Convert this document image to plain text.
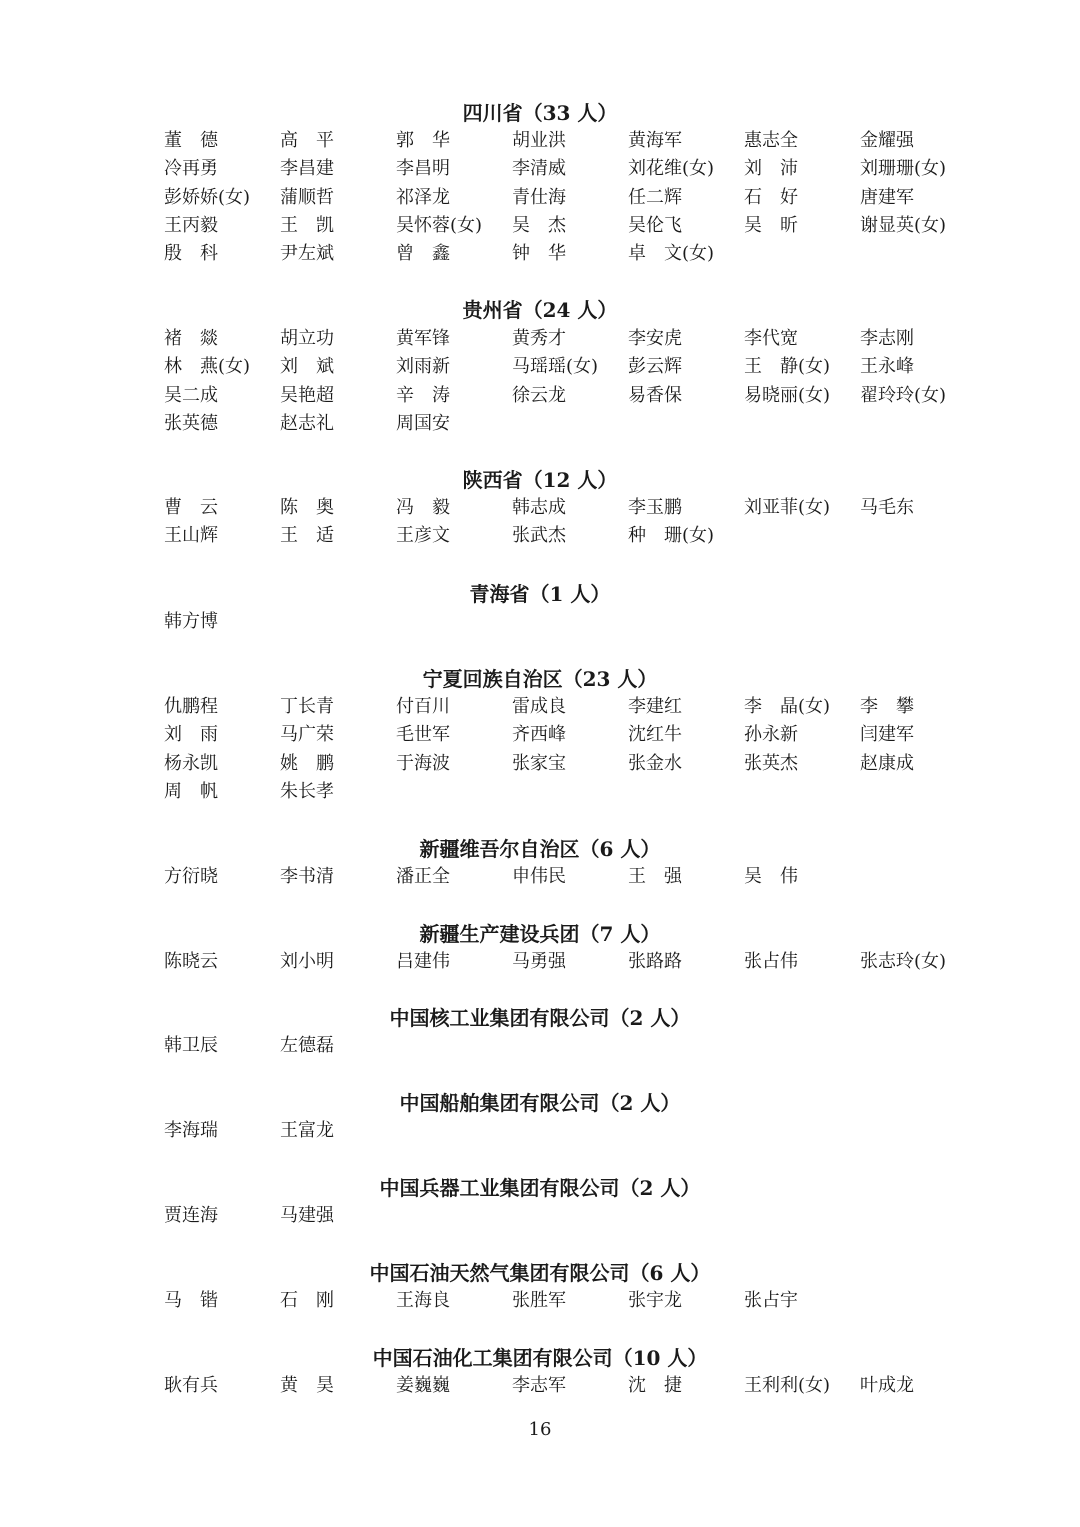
四川省（33 人）
董　德	高　平	郭　华	胡业洪	黄海军	惠志全	金耀强
冷再勇	李昌建	李昌明	李清威	刘花维(女) 刘　沛	刘珊珊(女)
彭娇娇(女) 蒲顺哲	祁泽龙	青仕海	任二辉	石　好	唐建军
王丙毅	王　凯	吴怀蓉(女) 吴　杰	吴伦飞	吴　昕	谢显英(女)
殷　科	尹左斌	曾　鑫	钟　华	卓　文(女)
贵州省（24 人）
褚　燚	胡立功	黄军锋	黄秀才	李安虎	李代宽	李志刚
林　燕(女) 刘　斌	刘雨新	马瑶瑶(女) 彭云辉	王　静(女) 王永峰
吴二成	吴艳超	辛　涛	徐云龙	易香保	易晓丽(女) 翟玲玲(女)
张英德	赵志礼	周国安
陕西省（12 人）
曹　云	陈　奥	冯　毅	韩志成	李玉鹏	刘亚菲(女) 马毛东
王山辉	王　适	王彦文	张武杰	种　珊(女)
青海省（1 人）
韩方博
宁夏回族自治区（23 人）
仇鹏程	丁长青	付百川	雷成良	李建红	李　晶(女) 李　攀
刘　雨	马广荣	毛世军	齐西峰	沈红牛	孙永新	闫建军
杨永凯	姚　鹏	于海波	张家宝	张金水	张英杰	赵康成
周　帆	朱长孝
新疆维吾尔自治区（6 人）
方衍晓	李书清	潘正全	申伟民	王　强	吴　伟
新疆生产建设兵团（7 人）
陈晓云	刘小明	吕建伟	马勇强	张路路	张占伟	张志玲(女)
中国核工业集团有限公司（2 人）
韩卫辰	左德磊
中国船舶集团有限公司（2 人）
李海瑞	王富龙
中国兵器工业集团有限公司（2 人）
贾连海	马建强
中国石油天然气集团有限公司（6 人）
马　锴	石　刚	王海良	张胜军	张宇龙	张占宇
中国石油化工集团有限公司（10 人）
耿有兵	黄　昊	姜巍巍	李志军	沈　捷	王利利(女) 叶成龙
16
